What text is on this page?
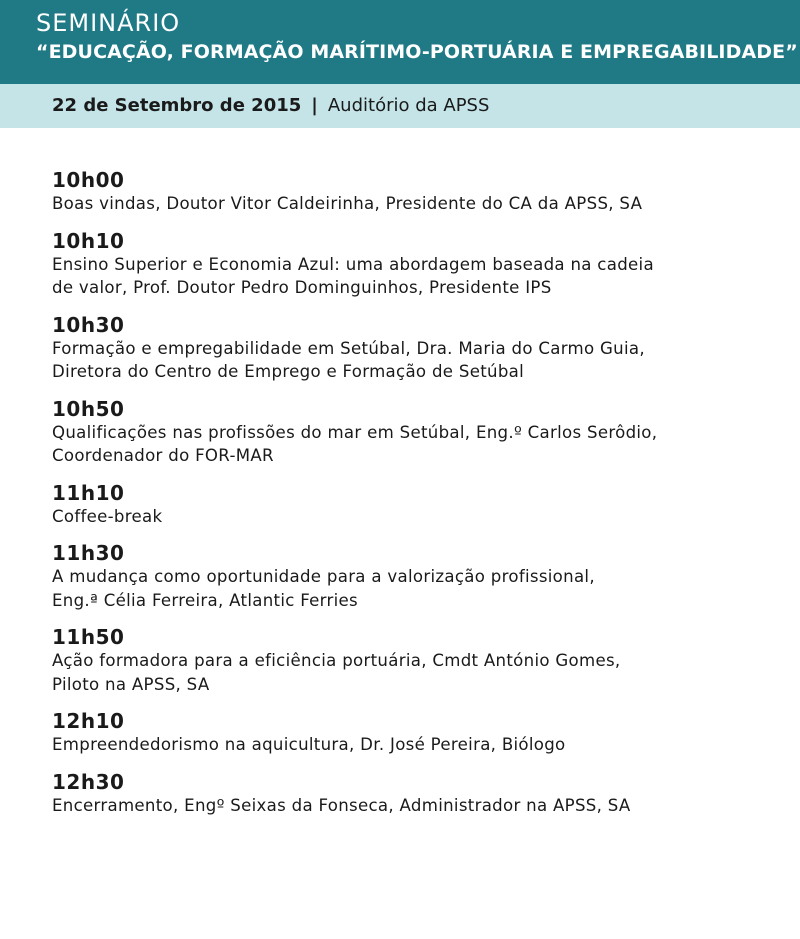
SEMINÁRIO
“EDUCAÇÃO, FORMAÇÃO MARÍTIMO-PORTUÁRIA E EMPREGABILIDADE”
22 de Setembro de 2015 | Auditório da APSS
10h00
Boas vindas, Doutor Vitor Caldeirinha, Presidente do CA da APSS, SA
10h10
Ensino Superior e Economia Azul: uma abordagem baseada na cadeia
de valor, Prof. Doutor Pedro Dominguinhos, Presidente IPS
10h30
Formação e empregabilidade em Setúbal, Dra. Maria do Carmo Guia,
Diretora do Centro de Emprego e Formação de Setúbal
10h50
Qualificações nas profissões do mar em Setúbal, Eng.º Carlos Serôdio,
Coordenador do FOR-MAR
11h10
Coffee-break
11h30
A mudança como oportunidade para a valorização profissional,
Eng.ª Célia Ferreira, Atlantic Ferries
11h50
Ação formadora para a eficiência portuária, Cmdt António Gomes,
Piloto na APSS, SA
12h10
Empreendedorismo na aquicultura, Dr. José Pereira, Biólogo
12h30
Encerramento, Engº Seixas da Fonseca, Administrador na APSS, SA
